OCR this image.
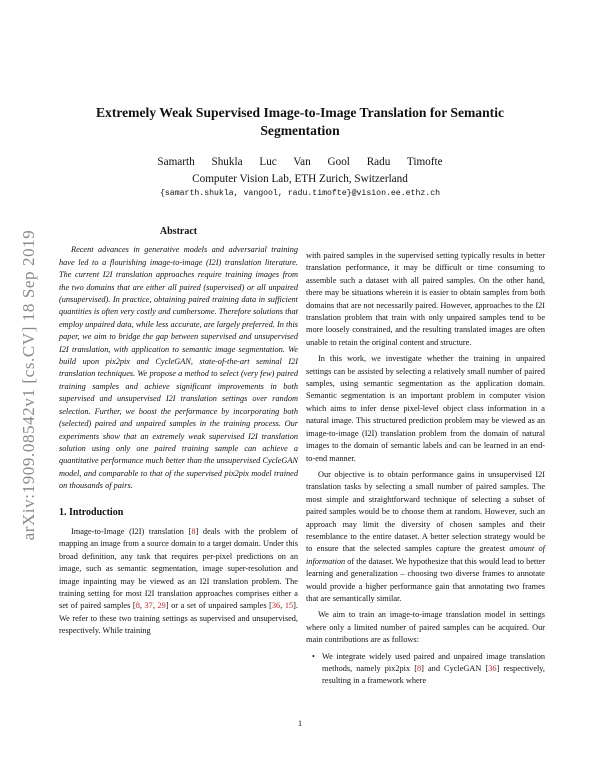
arXiv:1909.08542v1 [cs.CV] 18 Sep 2019
Extremely Weak Supervised Image-to-Image Translation for Semantic Segmentation
Samarth Shukla Luc Van Gool Radu Timofte
Computer Vision Lab, ETH Zurich, Switzerland
{samarth.shukla, vangool, radu.timofte}@vision.ee.ethz.ch
Abstract

Recent advances in generative models and adversarial training have led to a flourishing image-to-image (I2I) translation literature. The current I2I translation approaches require training images from the two domains that are either all paired (supervised) or all unpaired (unsupervised). In practice, obtaining paired training data in sufficient quantities is often very costly and cumbersome. Therefore solutions that employ unpaired data, while less accurate, are largely preferred. In this paper, we aim to bridge the gap between supervised and unsupervised I2I translation, with application to semantic image segmentation. We build upon pix2pix and CycleGAN, state-of-the-art seminal I2I translation techniques. We propose a method to select (very few) paired training samples and achieve significant improvements in both supervised and unsupervised I2I translation settings over random selection. Further, we boost the performance by incorporating both (selected) paired and unpaired samples in the training process. Our experiments show that an extremely weak supervised I2I translation solution using only one paired training sample can achieve a quantitative performance much better than the unsupervised CycleGAN model, and comparable to that of the supervised pix2pix model trained on thousands of pairs.

1. Introduction

Image-to-Image (I2I) translation [8] deals with the problem of mapping an image from a source domain to a target domain. Under this broad definition, any task that requires per-pixel predictions on an image, such as semantic segmentation, image super-resolution and image inpainting may be viewed as an I2I translation problem. The training setting for most I2I translation approaches comprises either a set of paired samples [8, 37, 29] or a set of unpaired samples [36, 15]. We refer to these two training settings as supervised and unsupervised, respectively. While training

with paired samples in the supervised setting typically results in better translation performance, it may be difficult or time consuming to assemble such a dataset with all paired samples. On the other hand, there may be situations wherein it is easier to obtain samples from both domains that are not necessarily paired. However, approaches to the I2I translation problem that train with only unpaired samples tend to be more loosely constrained, and the resulting translated images are often unable to retain the original content and structure.

In this work, we investigate whether the training in unpaired settings can be assisted by selecting a relatively small number of paired samples, using semantic segmentation as the application domain. Semantic segmentation is an important problem in computer vision which aims to infer dense pixel-level object class information in a natural image. This structured prediction problem may be viewed as an image-to-image (I2I) translation problem from the domain of natural images to the domain of semantic labels and can be learned in an end-to-end manner.

Our objective is to obtain performance gains in unsupervised I2I translation tasks by selecting a small number of paired samples. The most simple and straightforward technique of selecting a subset of paired samples would be to choose them at random. However, such an approach may limit the diversity of chosen samples and their resemblance to the entire dataset. A better selection strategy would be to ensure that the selected samples capture the greatest amount of information of the dataset. We hypothesize that this would lead to better learning and generalization – choosing two diverse frames to annotate would provide a higher performance gain that annotating two frames that are semantically similar.

We aim to train an image-to-image translation model in settings where only a limited number of paired samples can be acquired. Our main contributions are as follows:

• We integrate widely used paired and unpaired image translation methods, namely pix2pix [8] and CycleGAN [36] respectively, resulting in a framework where
1
